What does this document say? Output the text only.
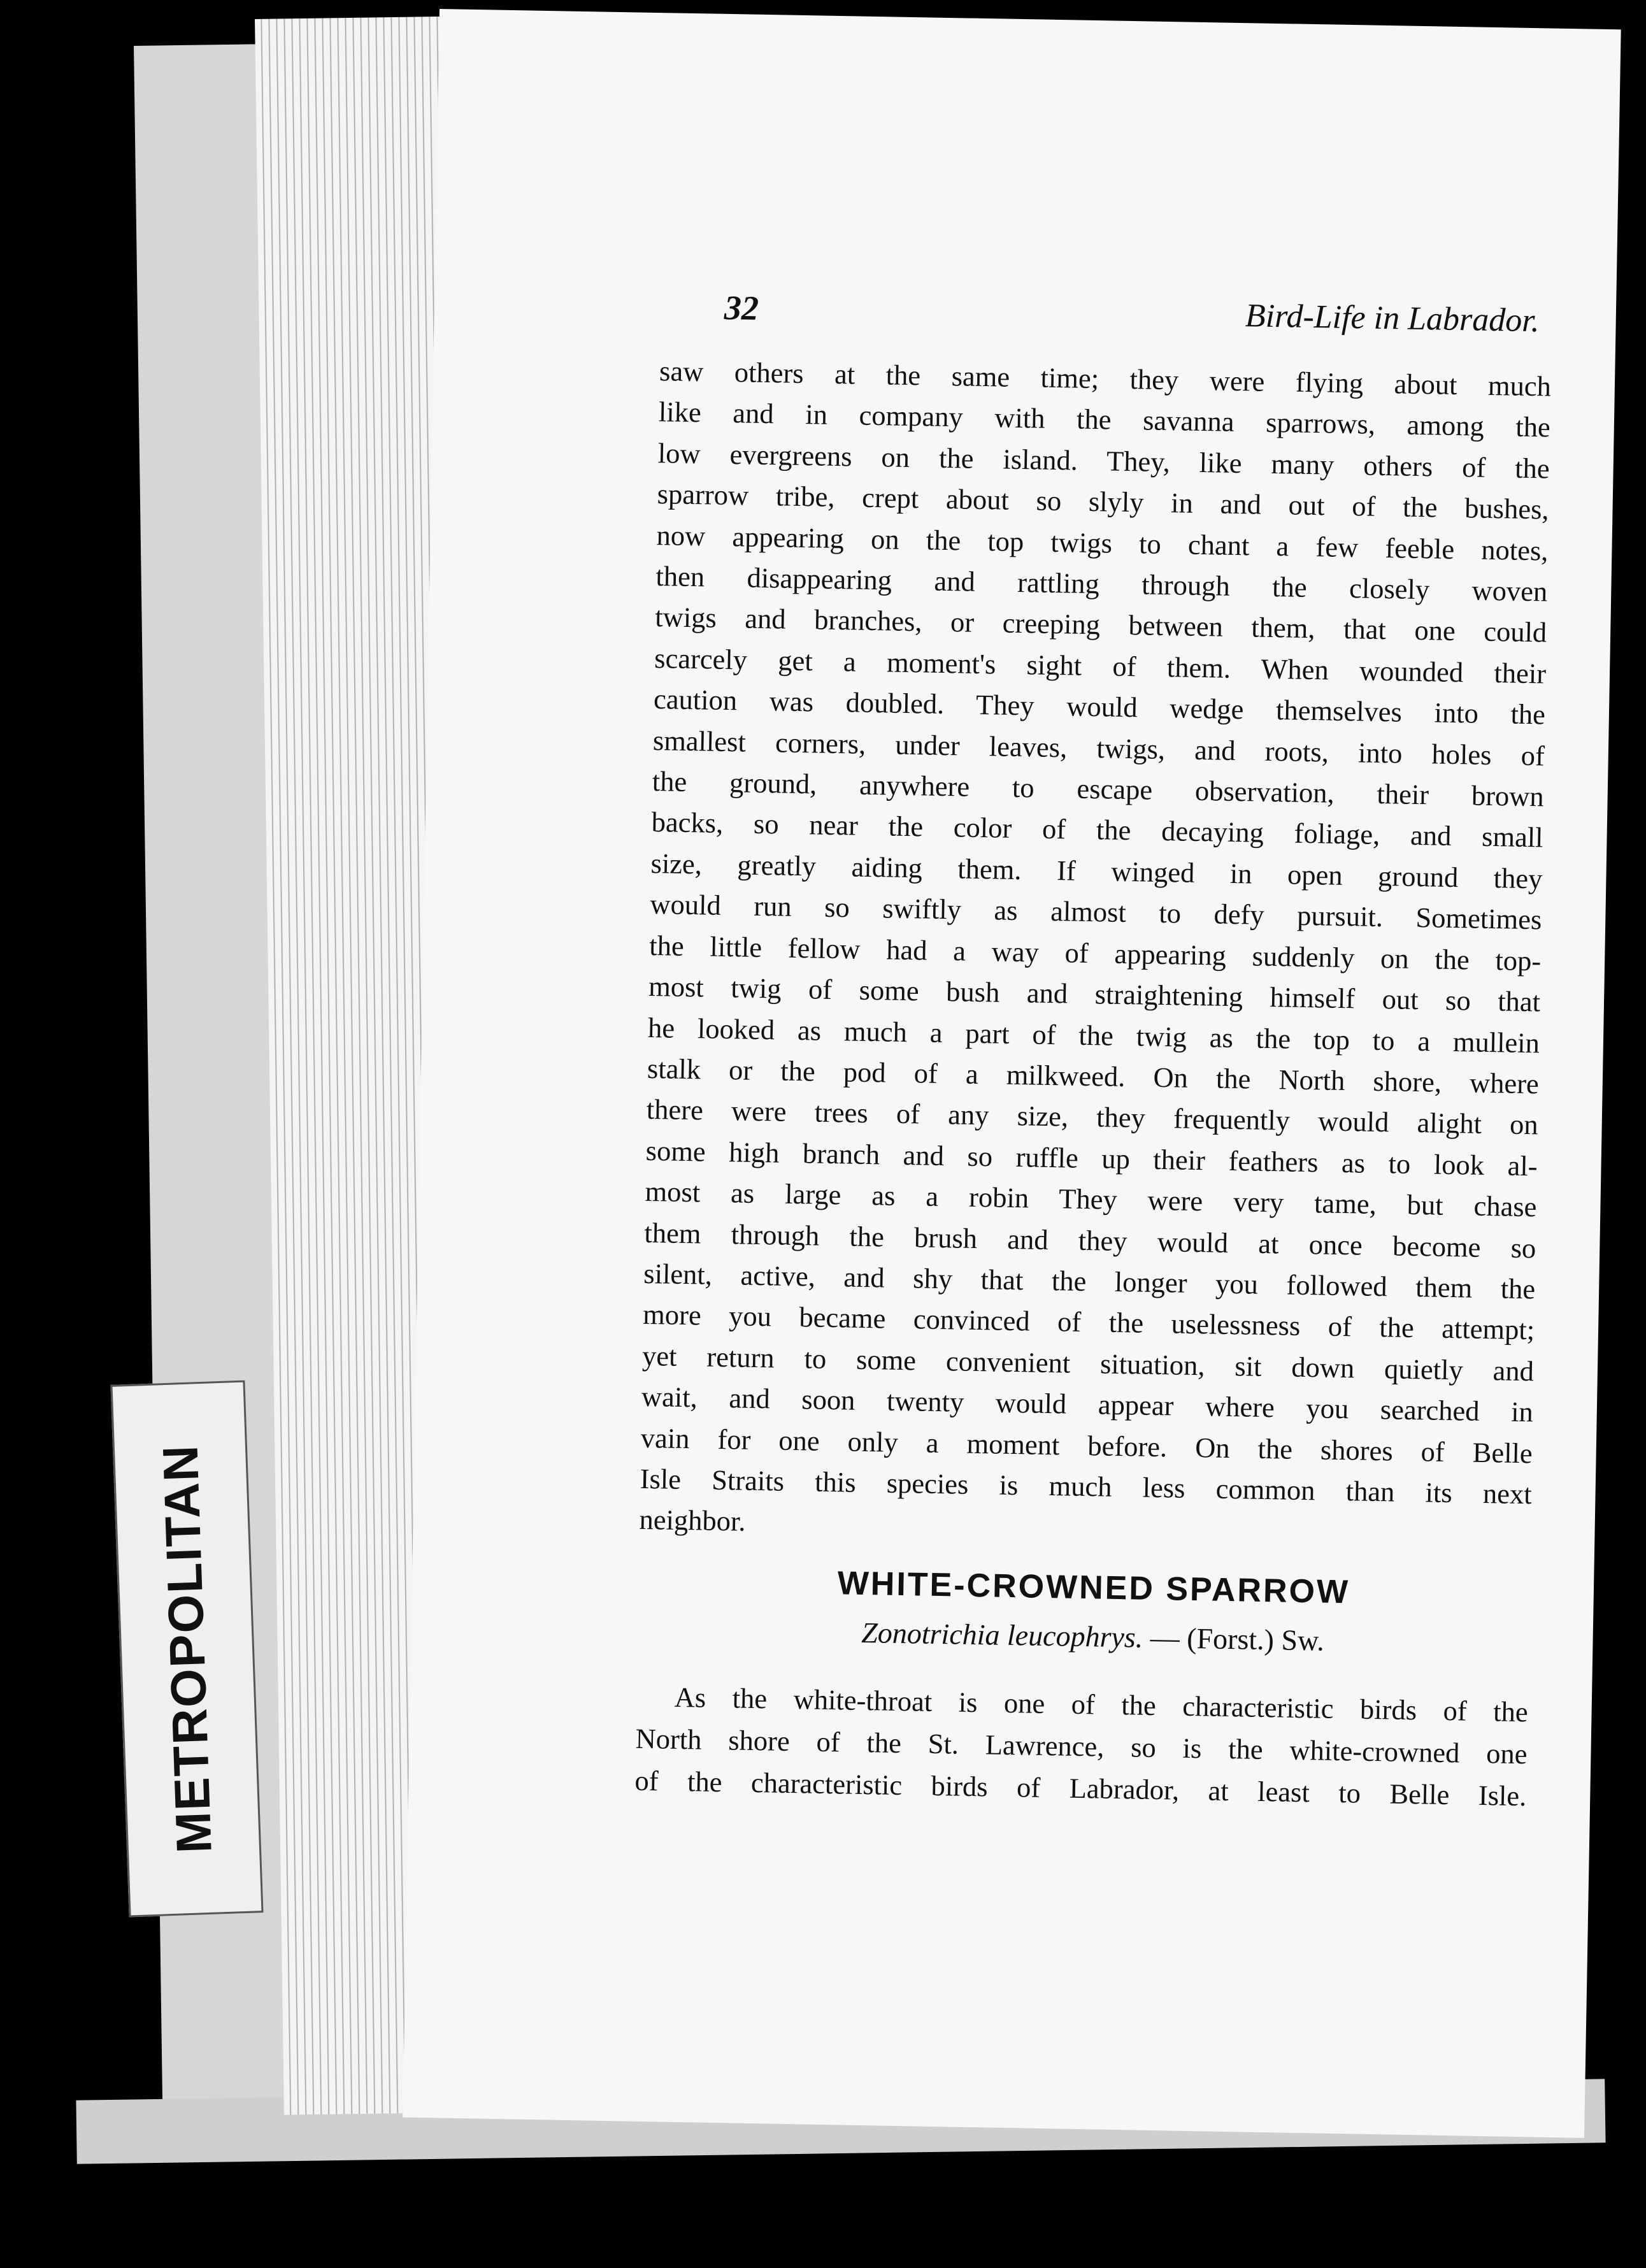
METROPOLITAN
32	Bird-Life in Labrador.
saw others at the same time; they were flying about much
like and in company with the savanna sparrows, among the
low evergreens on the island. They, like many others of the
sparrow tribe, crept about so slyly in and out of the bushes,
now appearing on the top twigs to chant a few feeble notes,
then disappearing and rattling through the closely woven
twigs and branches, or creeping between them, that one could
scarcely get a moment's sight of them. When wounded their
caution was doubled. They would wedge themselves into the
smallest corners, under leaves, twigs, and roots, into holes of
the ground, anywhere to escape observation, their brown
backs, so near the color of the decaying foliage, and small
size, greatly aiding them. If winged in open ground they
would run so swiftly as almost to defy pursuit. Sometimes
the little fellow had a way of appearing suddenly on the top-
most twig of some bush and straightening himself out so that
he looked as much a part of the twig as the top to a mullein
stalk or the pod of a milkweed. On the North shore, where
there were trees of any size, they frequently would alight on
some high branch and so ruffle up their feathers as to look al-
most as large as a robin They were very tame, but chase
them through the brush and they would at once become so
silent, active, and shy that the longer you followed them the
more you became convinced of the uselessness of the attempt;
yet return to some convenient situation, sit down quietly and
wait, and soon twenty would appear where you searched in
vain for one only a moment before. On the shores of Belle
Isle Straits this species is much less common than its next
neighbor.
WHITE-CROWNED SPARROW
Zonotrichia leucophrys. — (Forst.) Sw.
As the white-throat is one of the characteristic birds of the
North shore of the St. Lawrence, so is the white-crowned one
of the characteristic birds of Labrador, at least to Belle Isle.
